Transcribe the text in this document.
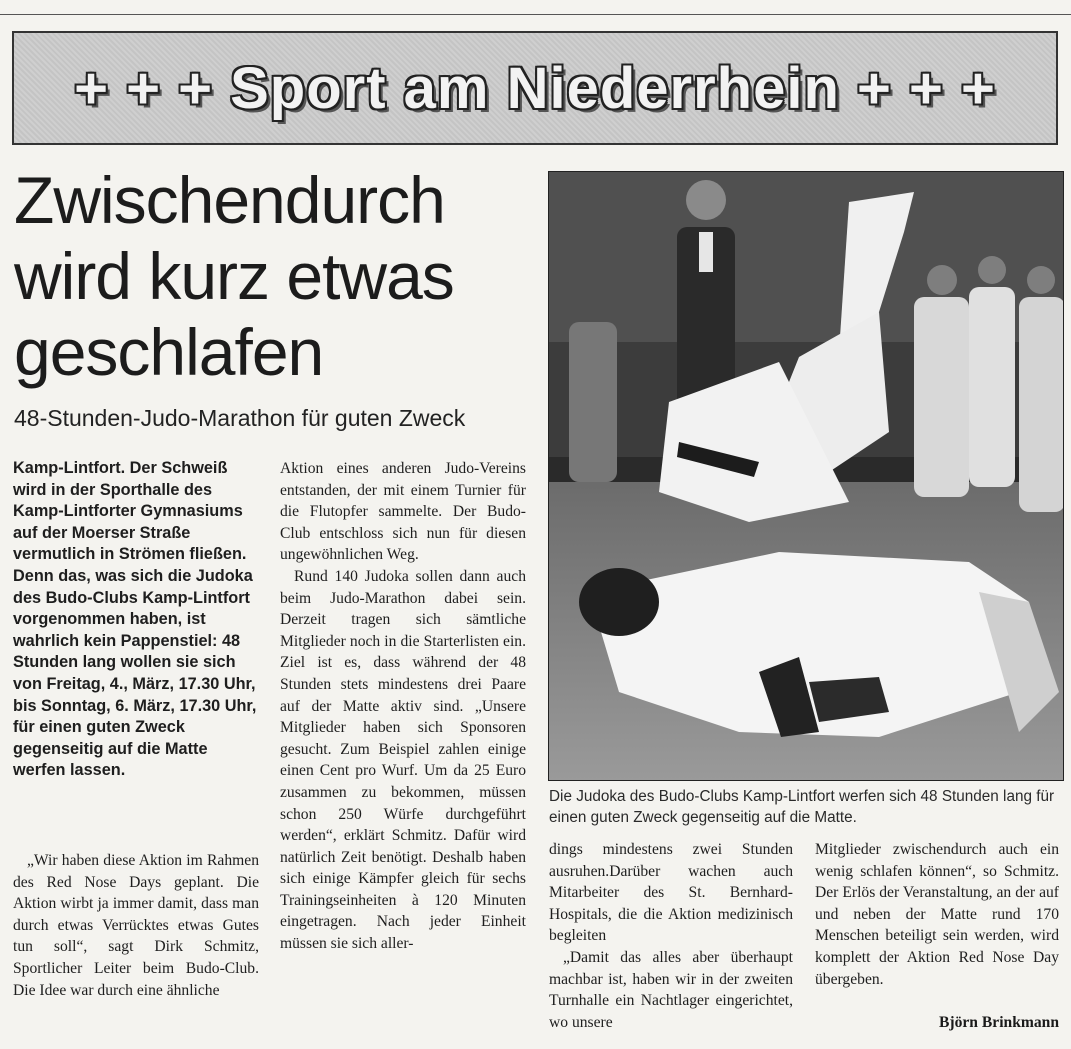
+ + + Sport am Niederrhein + + +
Zwischendurch
wird kurz etwas
geschlafen

48-Stunden-Judo-Marathon für guten Zweck

Kamp-Lintfort. Der Schweiß wird in der Sporthalle des Kamp-Lintforter Gymnasiums auf der Moerser Straße vermutlich in Strömen fließen. Denn das, was sich die Judoka des Budo-Clubs Kamp-Lintfort vorgenommen haben, ist wahrlich kein Pappenstiel: 48 Stunden lang wollen sie sich von Freitag, 4., März, 17.30 Uhr, bis Sonntag, 6. März, 17.30 Uhr, für einen guten Zweck gegenseitig auf die Matte werfen lassen.

„Wir haben diese Aktion im Rahmen des Red Nose Days geplant. Die Aktion wirbt ja immer damit, dass man durch etwas Verrücktes etwas Gutes tun soll“, sagt Dirk Schmitz, Sportlicher Leiter beim Budo-Club. Die Idee war durch eine ähnliche

Aktion eines anderen Judo-Vereins entstanden, der mit einem Turnier für die Flutopfer sammelte. Der Budo-Club entschloss sich nun für diesen ungewöhnlichen Weg.

Rund 140 Judoka sollen dann auch beim Judo-Marathon dabei sein. Derzeit tragen sich sämtliche Mitglieder noch in die Starterlisten ein. Ziel ist es, dass während der 48 Stunden stets mindestens drei Paare auf der Matte aktiv sind. „Unsere Mitglieder haben sich Sponsoren gesucht. Zum Beispiel zahlen einige einen Cent pro Wurf. Um da 25 Euro zusammen zu bekommen, müssen schon 250 Würfe durchgeführt werden“, erklärt Schmitz. Dafür wird natürlich Zeit benötigt. Deshalb haben sich einige Kämpfer gleich für sechs Trainingseinheiten à 120 Minuten eingetragen. Nach jeder Einheit müssen sie sich aller-

Die Judoka des Budo-Clubs Kamp-Lintfort werfen sich 48 Stunden lang für einen guten Zweck gegenseitig auf die Matte.

dings mindestens zwei Stunden ausruhen.Darüber wachen auch Mitarbeiter des St. Bernhard-Hospitals, die die Aktion medizinisch begleiten

„Damit das alles aber überhaupt machbar ist, haben wir in der zweiten Turnhalle ein Nachtlager eingerichtet, wo unsere

Mitglieder zwischendurch auch ein wenig schlafen können“, so Schmitz. Der Erlös der Veranstaltung, an der auf und neben der Matte rund 170 Menschen beteiligt sein werden, wird komplett der Aktion Red Nose Day übergeben.

Björn Brinkmann
